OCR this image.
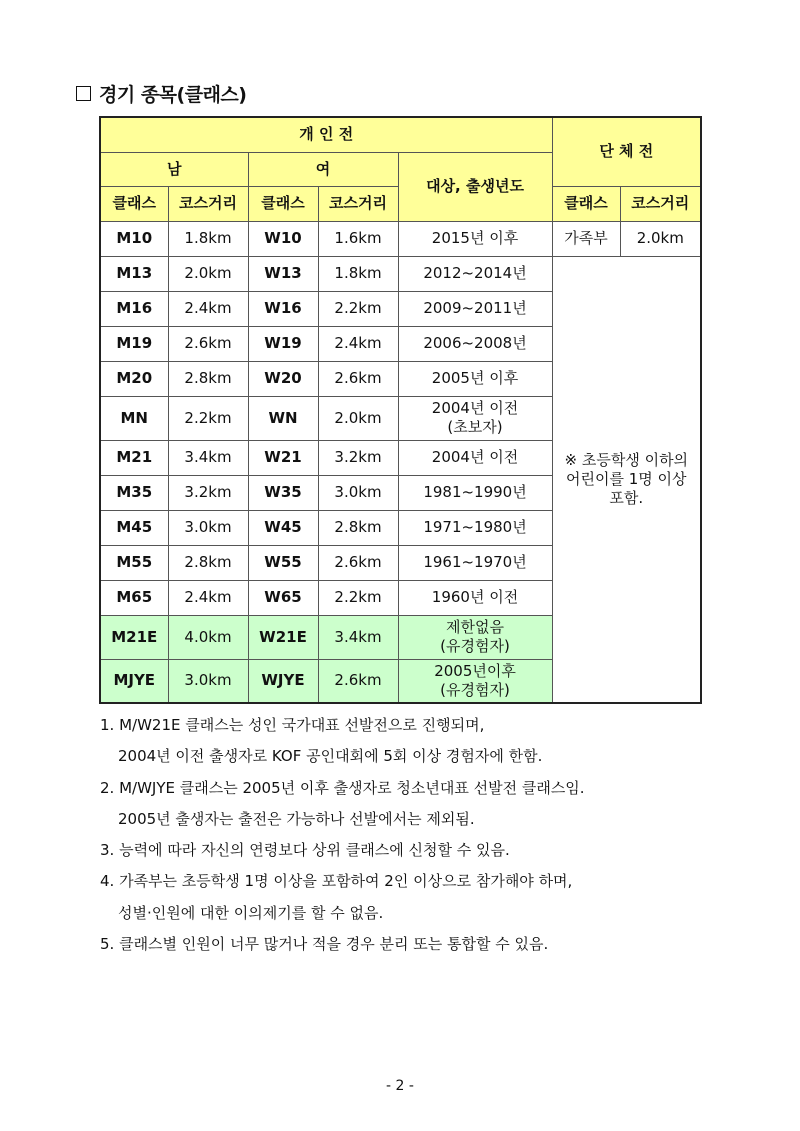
경기 종목(클래스)
개 인 전					단 체 전	
남		여		대상, 출생년도		
클래스	코스거리	클래스	코스거리		클래스	코스거리
M10	1.8km	W10	1.6km	2015년 이후	가족부	2.0km
M13	2.0km	W13	1.8km	2012~2014년	※ 초등학생 이하의
어린이를 1명 이상
포함.	

M16	2.4km	W16	2.2km	2009~2011년		
M19	2.6km	W19	2.4km	2006~2008년		
M20	2.8km	W20	2.6km	2005년 이후		
MN	2.2km	WN	2.0km	2004년 이전
(초보자)		

M21	3.4km	W21	3.2km	2004년 이전		
M35	3.2km	W35	3.0km	1981~1990년		
M45	3.0km	W45	2.8km	1971~1980년		
M55	2.8km	W55	2.6km	1961~1970년		
M65	2.4km	W65	2.2km	1960년 이전		
M21E	4.0km	W21E	3.4km	제한없음
(유경험자)		

MJYE	3.0km	WJYE	2.6km	2005년이후
(유경험자)		
1. M/W21E 클래스는 성인 국가대표 선발전으로 진행되며,
2004년 이전 출생자로 KOF 공인대회에 5회 이상 경험자에 한함.
2. M/WJYE 클래스는 2005년 이후 출생자로 청소년대표 선발전 클래스임.
2005년 출생자는 출전은 가능하나 선발에서는 제외됨.
3. 능력에 따라 자신의 연령보다 상위 클래스에 신청할 수 있음.
4. 가족부는 초등학생 1명 이상을 포함하여 2인 이상으로 참가해야 하며,
성별·인원에 대한 이의제기를 할 수 없음.
5. 클래스별 인원이 너무 많거나 적을 경우 분리 또는 통합할 수 있음.
- 2 -
